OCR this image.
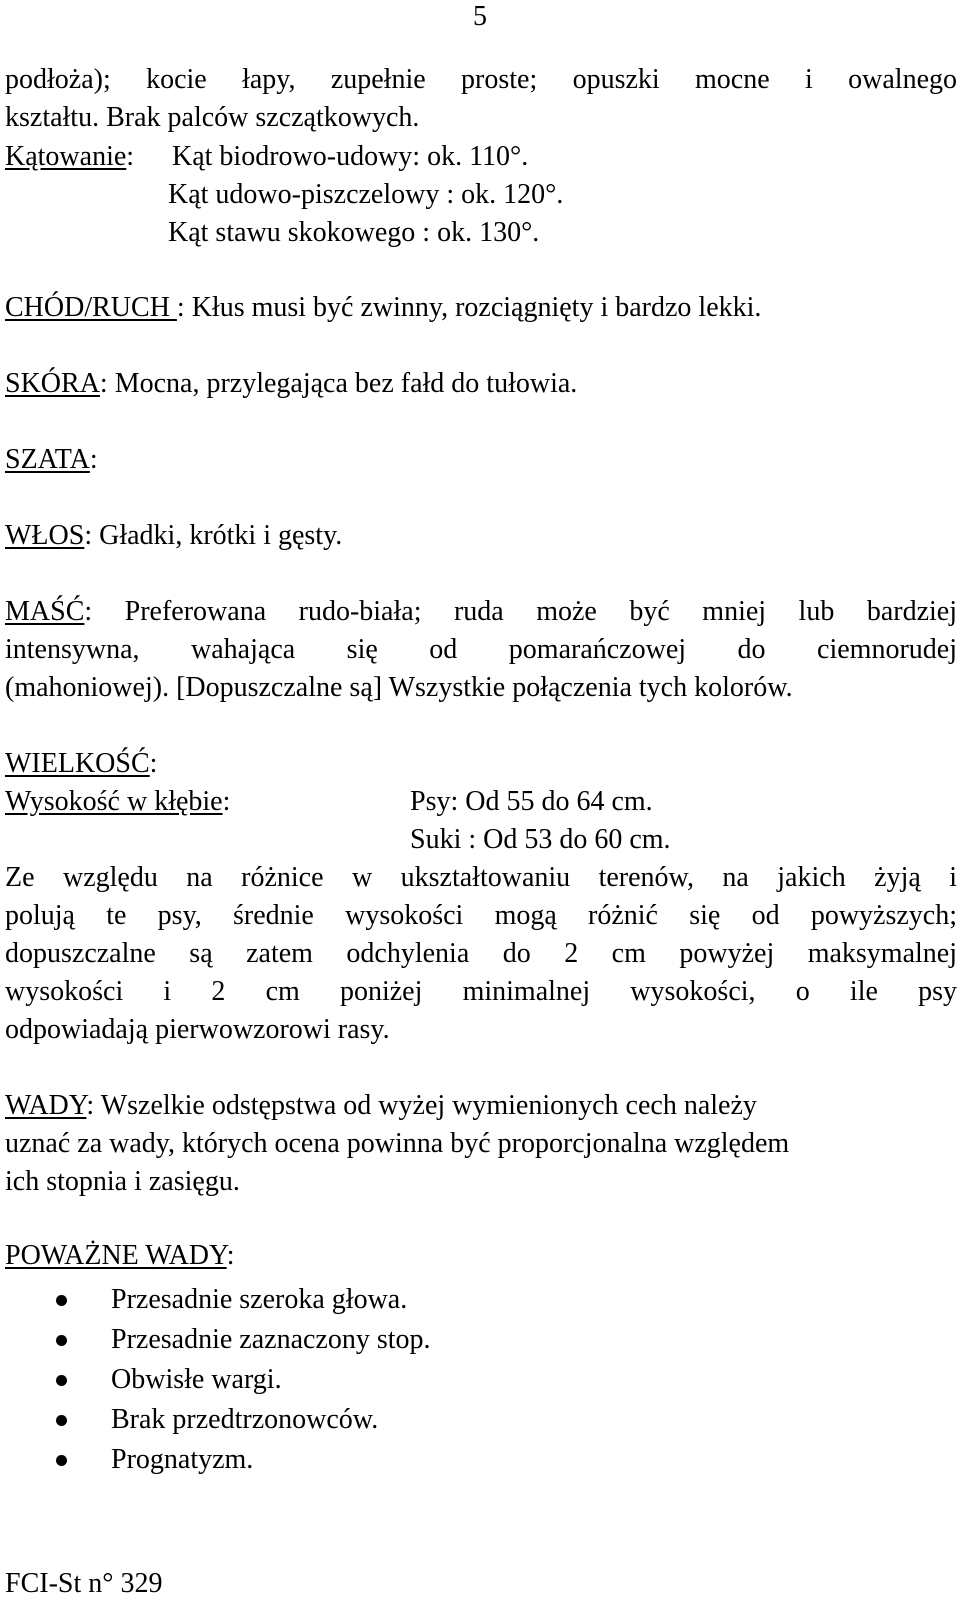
5
podłoża); kocie łapy, zupełnie proste; opuszki mocne i owalnego
kształtu. Brak palców szczątkowych.
Kątowanie: Kąt biodrowo-udowy: ok. 110°.
Kąt udowo-piszczelowy : ok. 120°.
Kąt stawu skokowego : ok. 130°.
CHÓD/RUCH : Kłus musi być zwinny, rozciągnięty i bardzo lekki.
SKÓRA: Mocna, przylegająca bez fałd do tułowia.
SZATA:
WŁOS: Gładki, krótki i gęsty.
MAŚĆ: Preferowana rudo-biała; ruda może być mniej lub bardziej
intensywna, wahająca się od pomarańczowej do ciemnorudej
(mahoniowej). [Dopuszczalne są] Wszystkie połączenia tych kolorów.
WIELKOŚĆ:
Wysokość w kłębie:	Psy: Od 55 do 64 cm.
Suki : Od 53 do 60 cm.
Ze względu na różnice w ukształtowaniu terenów, na jakich żyją i
polują te psy, średnie wysokości mogą różnić się od powyższych;
dopuszczalne są zatem odchylenia do 2 cm powyżej maksymalnej
wysokości i 2 cm poniżej minimalnej wysokości, o ile psy
odpowiadają pierwowzorowi rasy.
WADY: Wszelkie odstępstwa od wyżej wymienionych cech należy
uznać za wady, których ocena powinna być proporcjonalna względem
ich stopnia i zasięgu.
POWAŻNE WADY:
Przesadnie szeroka głowa.
Przesadnie zaznaczony stop.
Obwisłe wargi.
Brak przedtrzonowców.
Prognatyzm.
FCI-St n° 329
